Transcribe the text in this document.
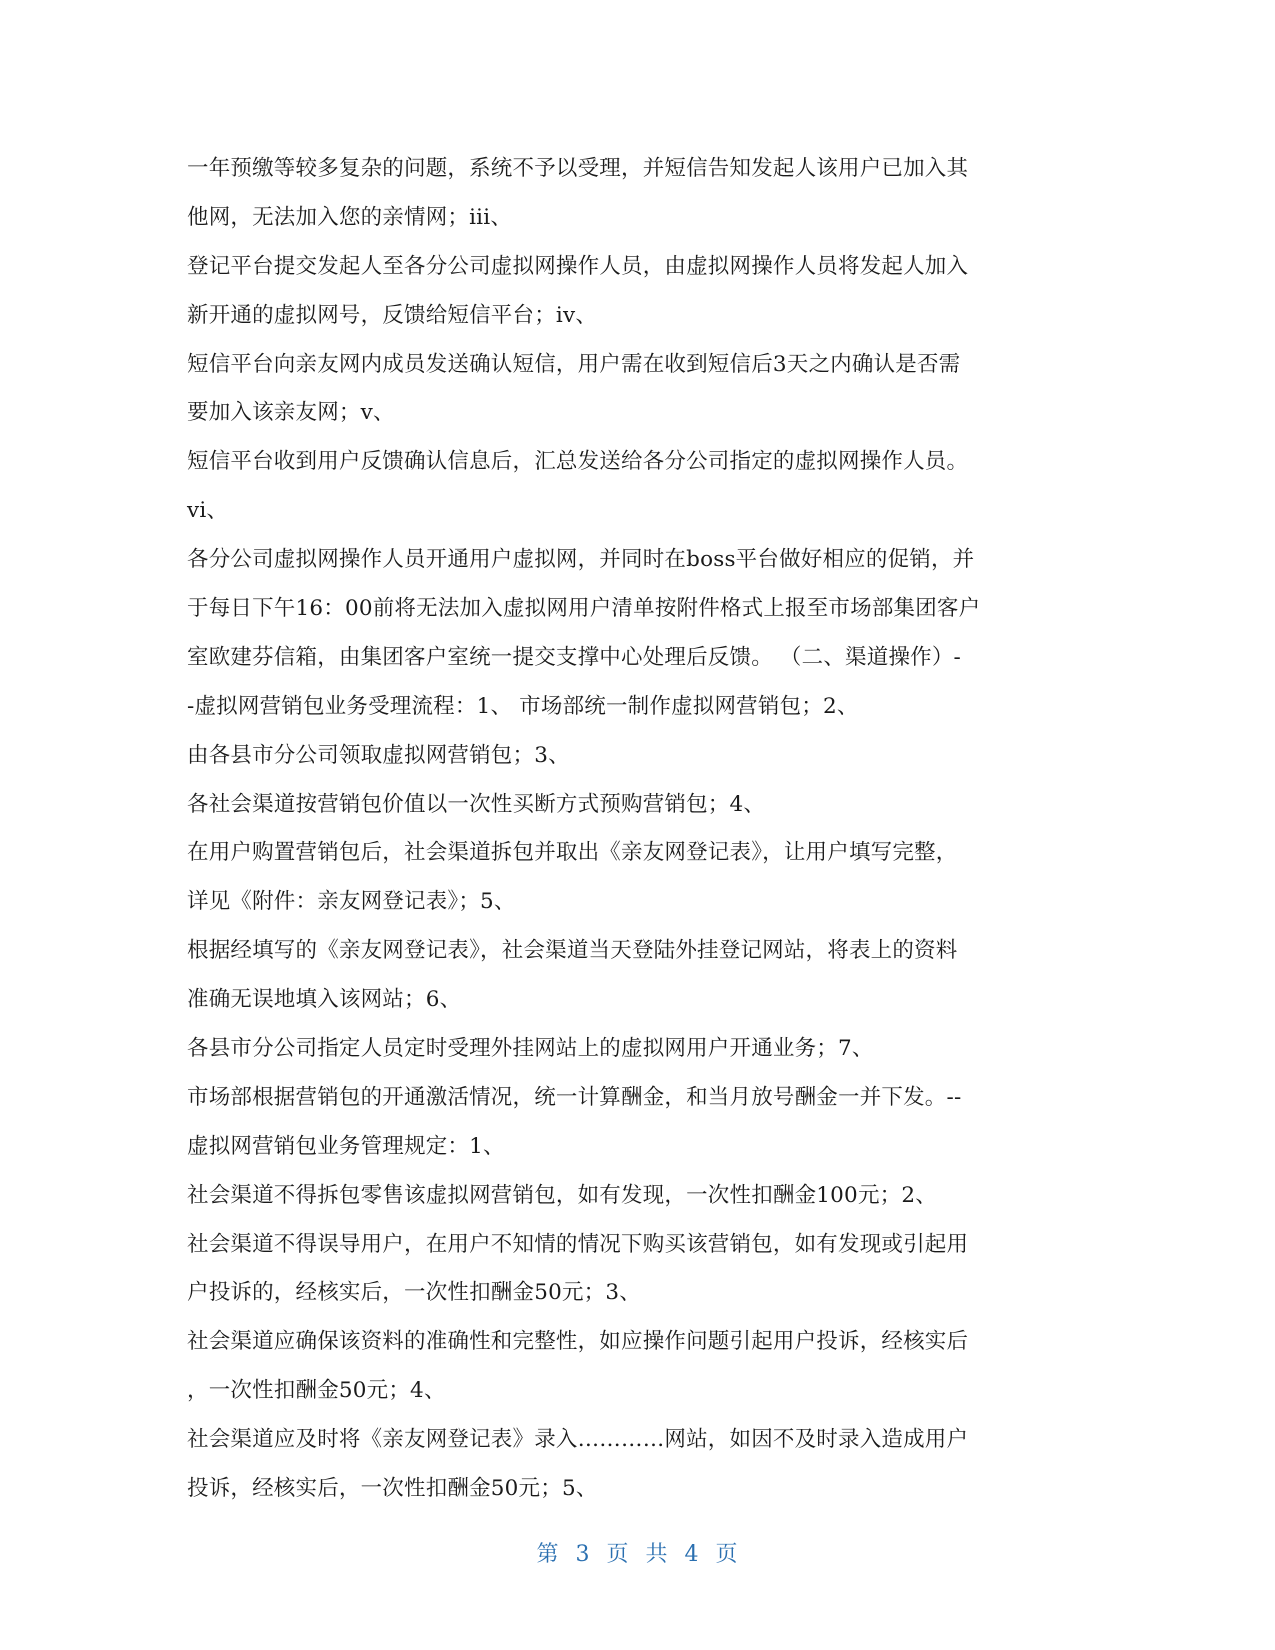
一年预缴等较多复杂的问题，系统不予以受理，并短信告知发起人该用户已加入其
他网，无法加入您的亲情网；iii、
登记平台提交发起人至各分公司虚拟网操作人员，由虚拟网操作人员将发起人加入
新开通的虚拟网号，反馈给短信平台；iv、
短信平台向亲友网内成员发送确认短信，用户需在收到短信后3天之内确认是否需
要加入该亲友网；v、
短信平台收到用户反馈确认信息后，汇总发送给各分公司指定的虚拟网操作人员。
vi、
各分公司虚拟网操作人员开通用户虚拟网，并同时在boss平台做好相应的促销，并
于每日下午16：00前将无法加入虚拟网用户清单按附件格式上报至市场部集团客户
室欧建芬信箱，由集团客户室统一提交支撑中心处理后反馈。 （二、渠道操作）-
-虚拟网营销包业务受理流程：1、 市场部统一制作虚拟网营销包；2、
由各县市分公司领取虚拟网营销包；3、
各社会渠道按营销包价值以一次性买断方式预购营销包；4、
在用户购置营销包后，社会渠道拆包并取出《亲友网登记表》，让用户填写完整，
详见《附件：亲友网登记表》；5、
根据经填写的《亲友网登记表》，社会渠道当天登陆外挂登记网站，将表上的资料
准确无误地填入该网站；6、
各县市分公司指定人员定时受理外挂网站上的虚拟网用户开通业务；7、
市场部根据营销包的开通激活情况，统一计算酬金，和当月放号酬金一并下发。--
虚拟网营销包业务管理规定：1、
社会渠道不得拆包零售该虚拟网营销包，如有发现，一次性扣酬金100元；2、
社会渠道不得误导用户，在用户不知情的情况下购买该营销包，如有发现或引起用
户投诉的，经核实后，一次性扣酬金50元；3、
社会渠道应确保该资料的准确性和完整性，如应操作问题引起用户投诉，经核实后
，一次性扣酬金50元；4、
社会渠道应及时将《亲友网登记表》录入…………网站，如因不及时录入造成用户
投诉，经核实后，一次性扣酬金50元；5、
第 3 页 共 4 页
